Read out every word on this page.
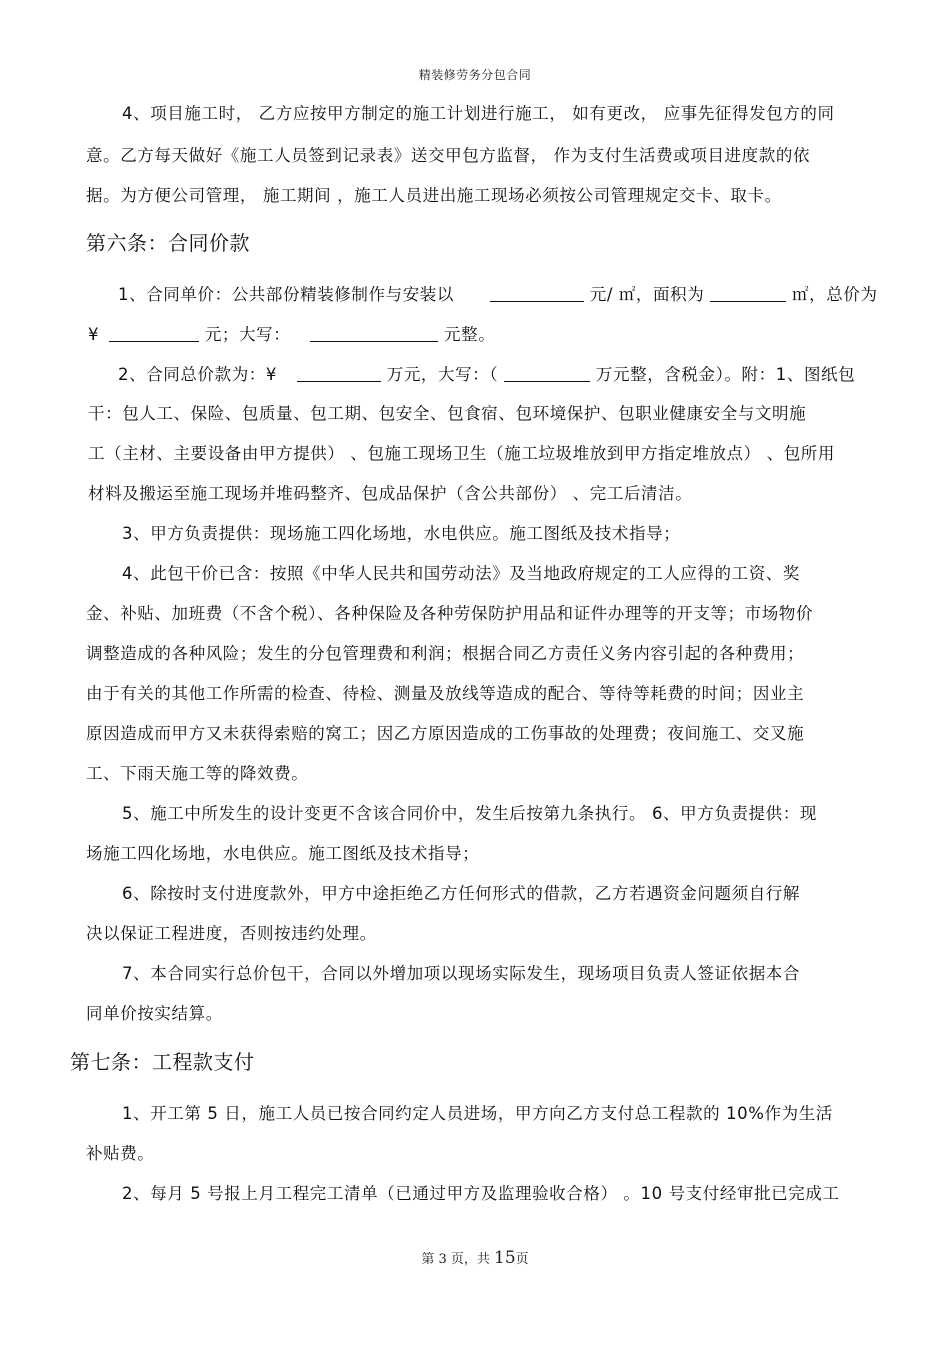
精装修劳务分包合同
4、项目施工时， 乙方应按甲方制定的施工计划进行施工， 如有更改， 应事先征得发包方的同
意。乙方每天做好《施工人员签到记录表》送交甲包方监督， 作为支付生活费或项目进度款的依
据。为方便公司管理， 施工期间 ，施工人员进出施工现场必须按公司管理规定交卡、取卡。
第六条：合同价款
1、合同单价：公共部份精装修制作与安装以	元/ ㎡，面积为	㎡，总价为
¥	元；大写：	元整。
2、合同总价款为：¥	万元，大写：（	万元整，含税金）。附：1、图纸包
干：包人工、保险、包质量、包工期、包安全、包食宿、包环境保护、包职业健康安全与文明施
工（主材、主要设备由甲方提供） 、包施工现场卫生（施工垃圾堆放到甲方指定堆放点） 、包所用
材料及搬运至施工现场并堆码整齐、包成品保护（含公共部份） 、完工后清洁。
3、甲方负责提供：现场施工四化场地，水电供应。施工图纸及技术指导；
4、此包干价已含：按照《中华人民共和国劳动法》及当地政府规定的工人应得的工资、奖
金、补贴、加班费（不含个税）、各种保险及各种劳保防护用品和证件办理等的开支等；市场物价
调整造成的各种风险；发生的分包管理费和利润；根据合同乙方责任义务内容引起的各种费用；
由于有关的其他工作所需的检查、待检、测量及放线等造成的配合、等待等耗费的时间；因业主
原因造成而甲方又未获得索赔的窝工；因乙方原因造成的工伤事故的处理费；夜间施工、交叉施
工、下雨天施工等的降效费。
5、施工中所发生的设计变更不含该合同价中，发生后按第九条执行。 6、甲方负责提供：现
场施工四化场地，水电供应。施工图纸及技术指导；
6、除按时支付进度款外，甲方中途拒绝乙方任何形式的借款，乙方若遇资金问题须自行解
决以保证工程进度，否则按违约处理。
7、本合同实行总价包干，合同以外增加项以现场实际发生，现场项目负责人签证依据本合
同单价按实结算。
第七条：工程款支付
1、开工第 5 日，施工人员已按合同约定人员进场，甲方向乙方支付总工程款的 10%作为生活
补贴费。
2、每月 5 号报上月工程完工清单（已通过甲方及监理验收合格） 。10 号支付经审批已完成工
第 3 页，共 15页
